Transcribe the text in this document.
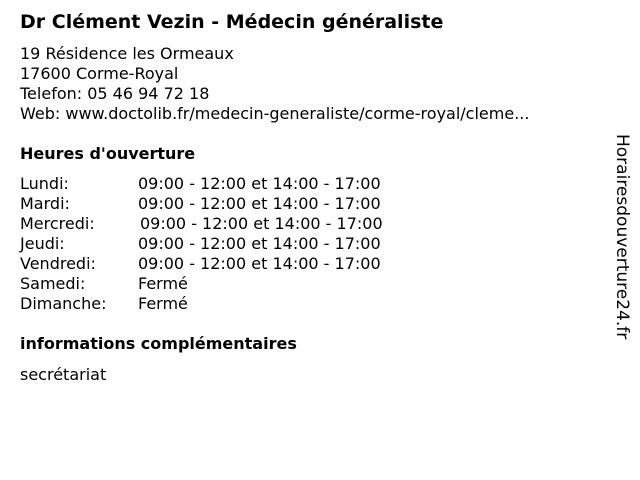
Dr Clément Vezin - Médecin généraliste
19 Résidence les Ormeaux
17600 Corme-Royal
Telefon: 05 46 94 72 18
Web: www.doctolib.fr/medecin-generaliste/corme-royal/cleme...
Heures d'ouverture
Lundi:	09:00 - 12:00 et 14:00 - 17:00
Mardi:	09:00 - 12:00 et 14:00 - 17:00
Mercredi:	09:00 - 12:00 et 14:00 - 17:00
Jeudi:	09:00 - 12:00 et 14:00 - 17:00
Vendredi:	09:00 - 12:00 et 14:00 - 17:00
Samedi:	Fermé
Dimanche: Fermé
informations complémentaires
secrétariat
Horairesdouverture24.fr
